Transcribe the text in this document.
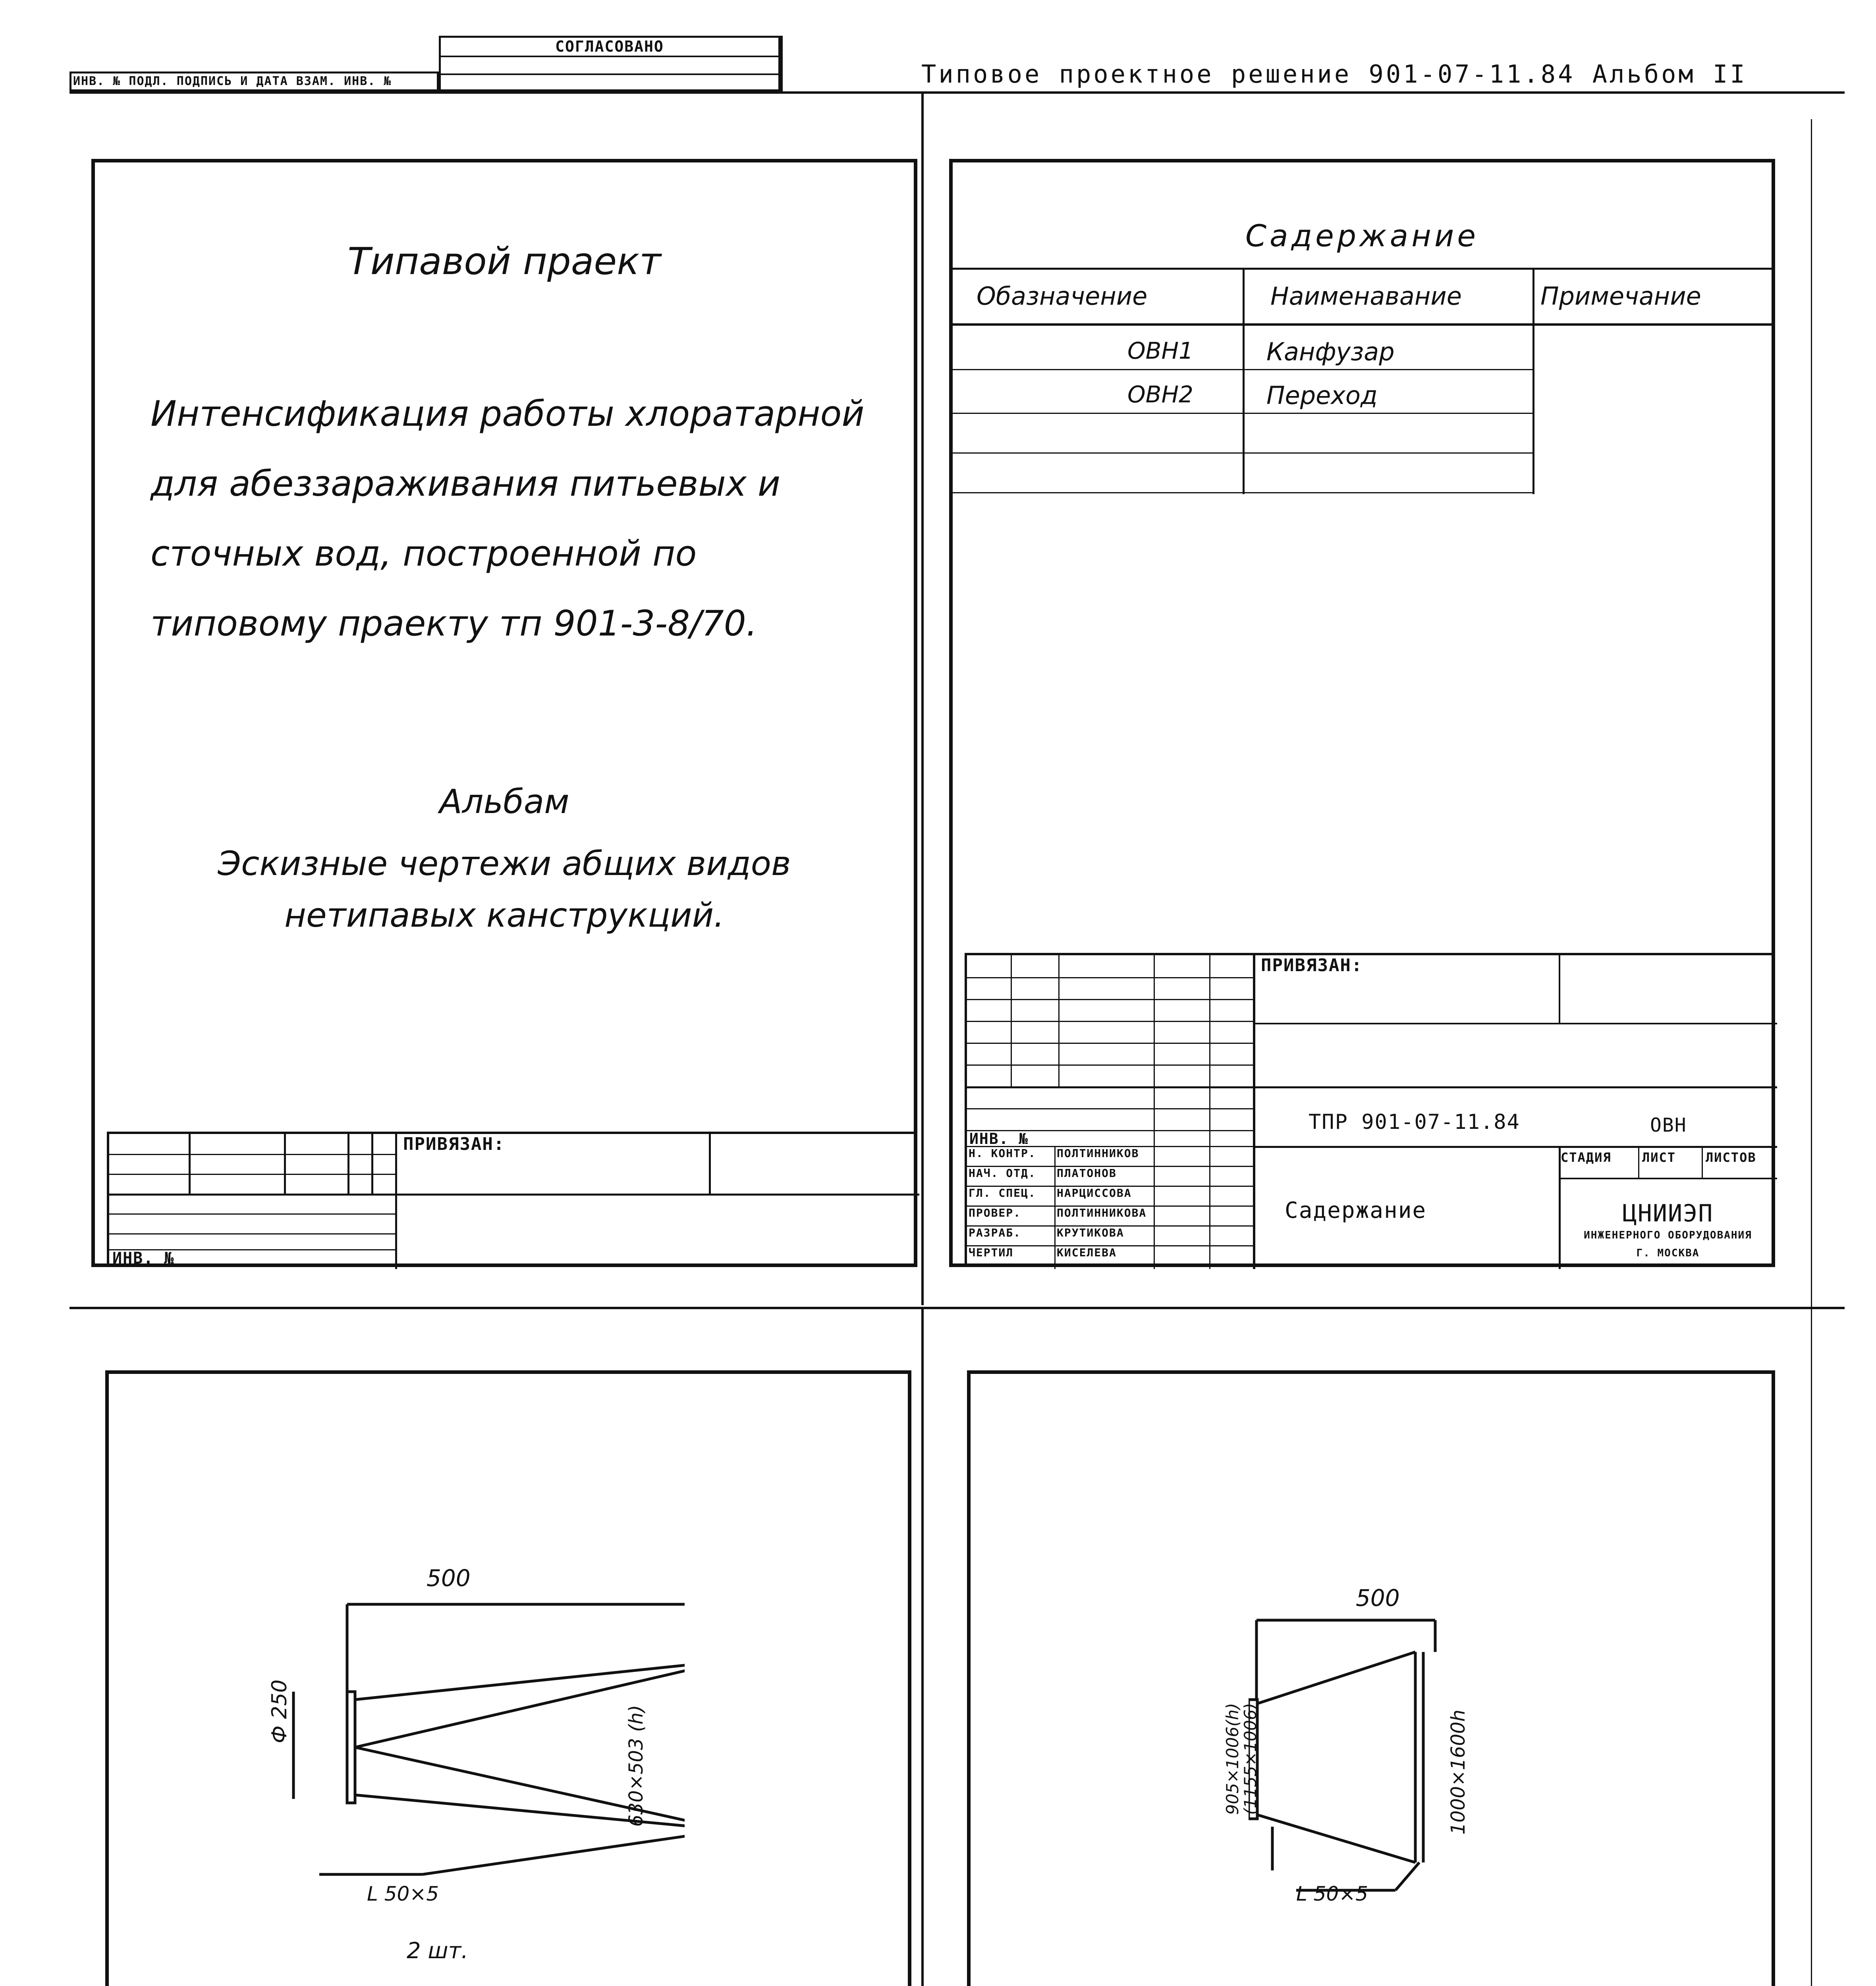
ИНВ. № ПОДЛ. ПОДПИСЬ И ДАТА ВЗАМ. ИНВ. №
СОГЛАСОВАНО
Типовое проектное решение 901-07-11.84 Альбом II
Типавой праект
Интенсификация работы хлоратарной
для абеззараживания питьевых и
сточных вод, построенной по
типовому праекту тп 901-3-8/70.
Альбам
Эскизные чертежи абщих видов
нетипавых канструкций.
ПРИВЯЗАН:
ИНВ. №
Садержание
Обазначение	Наименавание	Примечание
ОВН1	Канфузар
ОВН2	Переход
ПРИВЯЗАН:
ИНВ. №
ТПР 901-07-11.84	ОВН
Садержание
СТАДИЯ ЛИСТ ЛИСТОВ
ЦНИИЭП
ИНЖЕНЕРНОГО ОБОРУДОВАНИЯ
Г. МОСКВА
Н. КОНТР. ПОЛТИННИКОВ
НАЧ. ОТД. ПЛАТОНОВ
ГЛ. СПЕЦ. НАРЦИССОВА
ПРОВЕР.	ПОЛТИННИКОВА
РАЗРАБ.	КРУТИКОВА
ЧЕРТИЛ	КИСЕЛЕВА
500
Ф 250	630×503 (h)
L 50×5
2 шт.
500
905×1006(h)
(1155×1006)	1000×1600h
L 50×5
